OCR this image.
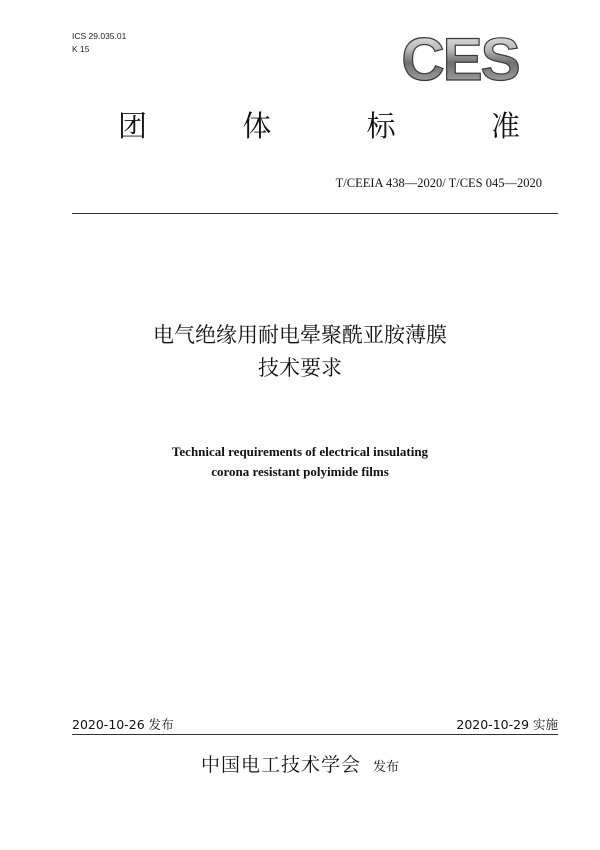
ICS 29.035.01
K 15	CES
团	体	标	准
T/CEEIA 438—2020/ T/CES 045—2020
电气绝缘用耐电晕聚酰亚胺薄膜
技术要求
Technical requirements of electrical insulating
corona resistant polyimide films
2020-10-26 发布	2020-10-29 实施
中国电工技术学会 发布
